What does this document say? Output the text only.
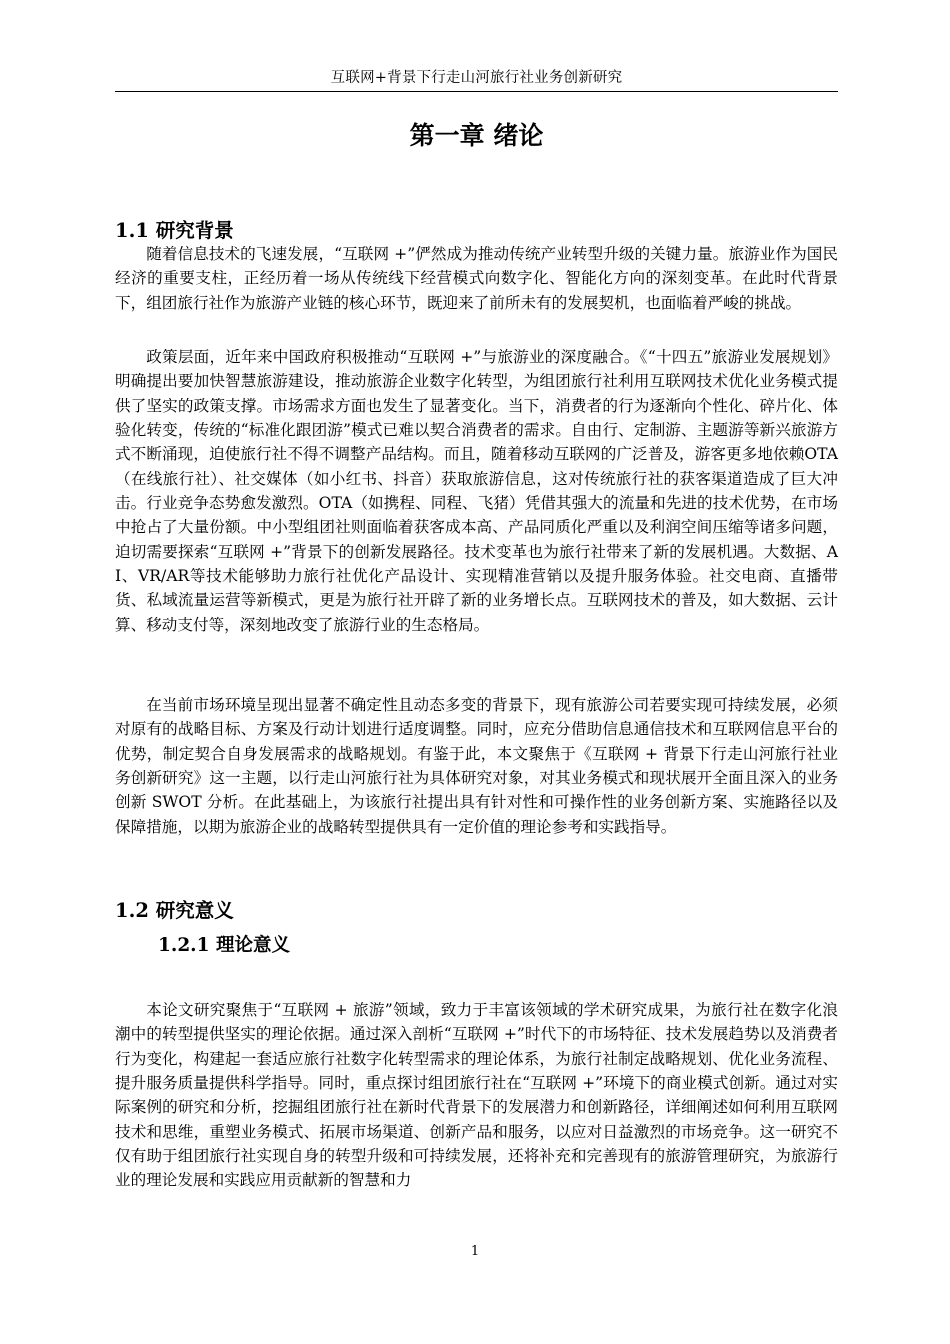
互联网+背景下行走山河旅行社业务创新研究
第一章 绪论
1.1 研究背景

随着信息技术的飞速发展，“互联网 +”俨然成为推动传统产业转型升级的关键力量。旅游业作为国民经济的重要支柱，正经历着一场从传统线下经营模式向数字化、智能化方向的深刻变革。在此时代背景下，组团旅行社作为旅游产业链的核心环节，既迎来了前所未有的发展契机，也面临着严峻的挑战。

政策层面，近年来中国政府积极推动“互联网 +”与旅游业的深度融合。《“十四五”旅游业发展规划》明确提出要加快智慧旅游建设，推动旅游企业数字化转型，为组团旅行社利用互联网技术优化业务模式提供了坚实的政策支撑。市场需求方面也发生了显著变化。当下，消费者的行为逐渐向个性化、碎片化、体验化转变，传统的“标准化跟团游”模式已难以契合消费者的需求。自由行、定制游、主题游等新兴旅游方式不断涌现，迫使旅行社不得不调整产品结构。而且，随着移动互联网的广泛普及，游客更多地依赖OTA（在线旅行社）、社交媒体（如小红书、抖音）获取旅游信息，这对传统旅行社的获客渠道造成了巨大冲击。行业竞争态势愈发激烈。OTA（如携程、同程、飞猪）凭借其强大的流量和先进的技术优势，在市场中抢占了大量份额。中小型组团社则面临着获客成本高、产品同质化严重以及利润空间压缩等诸多问题，迫切需要探索“互联网 +”背景下的创新发展路径。技术变革也为旅行社带来了新的发展机遇。大数据、AI、VR/AR等技术能够助力旅行社优化产品设计、实现精准营销以及提升服务体验。社交电商、直播带货、私域流量运营等新模式，更是为旅行社开辟了新的业务增长点。互联网技术的普及，如大数据、云计算、移动支付等，深刻地改变了旅游行业的生态格局。

在当前市场环境呈现出显著不确定性且动态多变的背景下，现有旅游公司若要实现可持续发展，必须对原有的战略目标、方案及行动计划进行适度调整。同时，应充分借助信息通信技术和互联网信息平台的优势，制定契合自身发展需求的战略规划。有鉴于此，本文聚焦于《互联网 + 背景下行走山河旅行社业务创新研究》这一主题，以行走山河旅行社为具体研究对象，对其业务模式和现状展开全面且深入的业务创新 SWOT 分析。在此基础上，为该旅行社提出具有针对性和可操作性的业务创新方案、实施路径以及保障措施，以期为旅游企业的战略转型提供具有一定价值的理论参考和实践指导。

1.2 研究意义
1.2.1 理论意义

本论文研究聚焦于“互联网 + 旅游”领域，致力于丰富该领域的学术研究成果，为旅行社在数字化浪潮中的转型提供坚实的理论依据。通过深入剖析“互联网 +”时代下的市场特征、技术发展趋势以及消费者行为变化，构建起一套适应旅行社数字化转型需求的理论体系，为旅行社制定战略规划、优化业务流程、提升服务质量提供科学指导。同时，重点探讨组团旅行社在“互联网 +”环境下的商业模式创新。通过对实际案例的研究和分析，挖掘组团旅行社在新时代背景下的发展潜力和创新路径，详细阐述如何利用互联网技术和思维，重塑业务模式、拓展市场渠道、创新产品和服务，以应对日益激烈的市场竞争。这一研究不仅有助于组团旅行社实现自身的转型升级和可持续发展，还将补充和完善现有的旅游管理研究，为旅游行业的理论发展和实践应用贡献新的智慧和力

1
